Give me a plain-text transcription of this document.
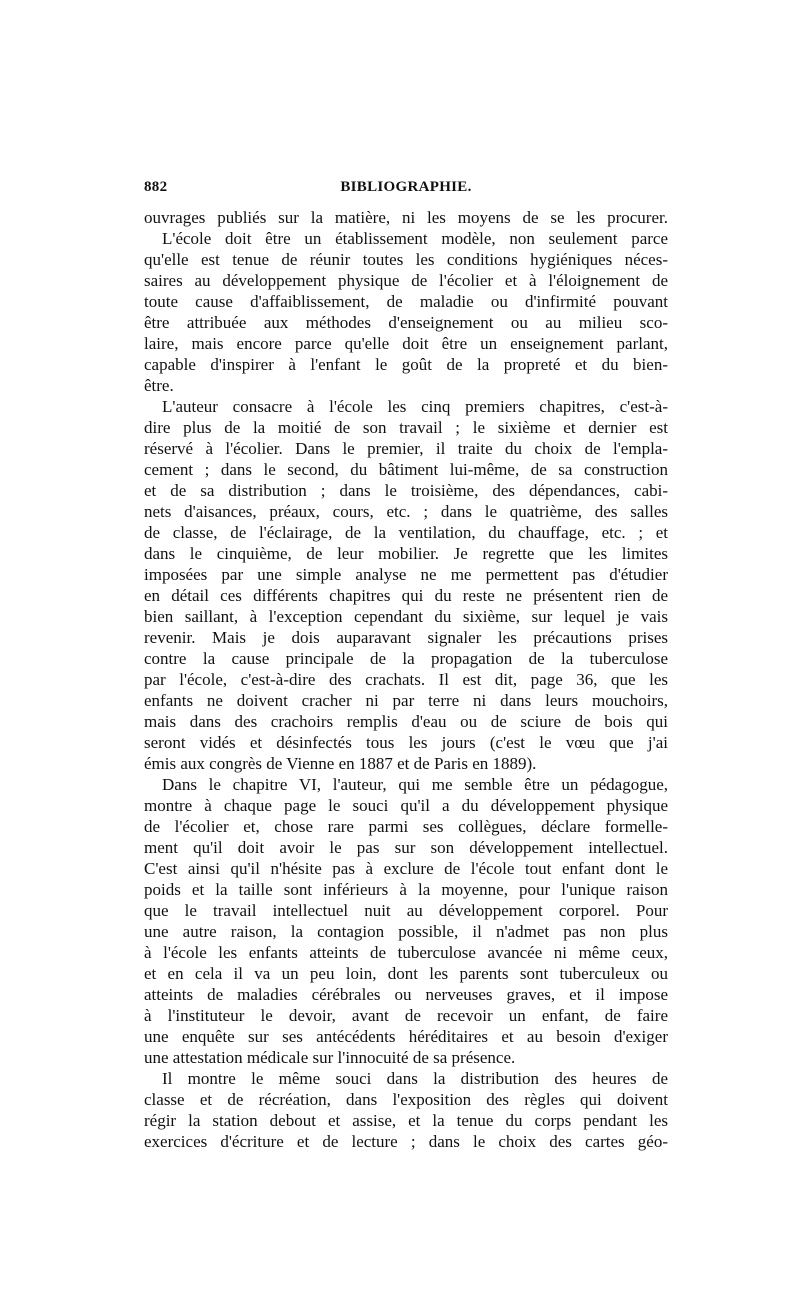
882	BIBLIOGRAPHIE.
ouvrages publiés sur la matière, ni les moyens de se les procurer.
L'école doit être un établissement modèle, non seulement parce
qu'elle est tenue de réunir toutes les conditions hygiéniques néces-
saires au développement physique de l'écolier et à l'éloignement de
toute cause d'affaiblissement, de maladie ou d'infirmité pouvant
être attribuée aux méthodes d'enseignement ou au milieu sco-
laire, mais encore parce qu'elle doit être un enseignement parlant,
capable d'inspirer à l'enfant le goût de la propreté et du bien-
être.
L'auteur consacre à l'école les cinq premiers chapitres, c'est-à-
dire plus de la moitié de son travail ; le sixième et dernier est
réservé à l'écolier. Dans le premier, il traite du choix de l'empla-
cement ; dans le second, du bâtiment lui-même, de sa construction
et de sa distribution ; dans le troisième, des dépendances, cabi-
nets d'aisances, préaux, cours, etc. ; dans le quatrième, des salles
de classe, de l'éclairage, de la ventilation, du chauffage, etc. ; et
dans le cinquième, de leur mobilier. Je regrette que les limites
imposées par une simple analyse ne me permettent pas d'étudier
en détail ces différents chapitres qui du reste ne présentent rien de
bien saillant, à l'exception cependant du sixième, sur lequel je vais
revenir. Mais je dois auparavant signaler les précautions prises
contre la cause principale de la propagation de la tuberculose
par l'école, c'est-à-dire des crachats. Il est dit, page 36, que les
enfants ne doivent cracher ni par terre ni dans leurs mouchoirs,
mais dans des crachoirs remplis d'eau ou de sciure de bois qui
seront vidés et désinfectés tous les jours (c'est le vœu que j'ai
émis aux congrès de Vienne en 1887 et de Paris en 1889).
Dans le chapitre VI, l'auteur, qui me semble être un pédagogue,
montre à chaque page le souci qu'il a du développement physique
de l'écolier et, chose rare parmi ses collègues, déclare formelle-
ment qu'il doit avoir le pas sur son développement intellectuel.
C'est ainsi qu'il n'hésite pas à exclure de l'école tout enfant dont le
poids et la taille sont inférieurs à la moyenne, pour l'unique raison
que le travail intellectuel nuit au développement corporel. Pour
une autre raison, la contagion possible, il n'admet pas non plus
à l'école les enfants atteints de tuberculose avancée ni même ceux,
et en cela il va un peu loin, dont les parents sont tuberculeux ou
atteints de maladies cérébrales ou nerveuses graves, et il impose
à l'instituteur le devoir, avant de recevoir un enfant, de faire
une enquête sur ses antécédents héréditaires et au besoin d'exiger
une attestation médicale sur l'innocuité de sa présence.
Il montre le même souci dans la distribution des heures de
classe et de récréation, dans l'exposition des règles qui doivent
régir la station debout et assise, et la tenue du corps pendant les
exercices d'écriture et de lecture ; dans le choix des cartes géo-
